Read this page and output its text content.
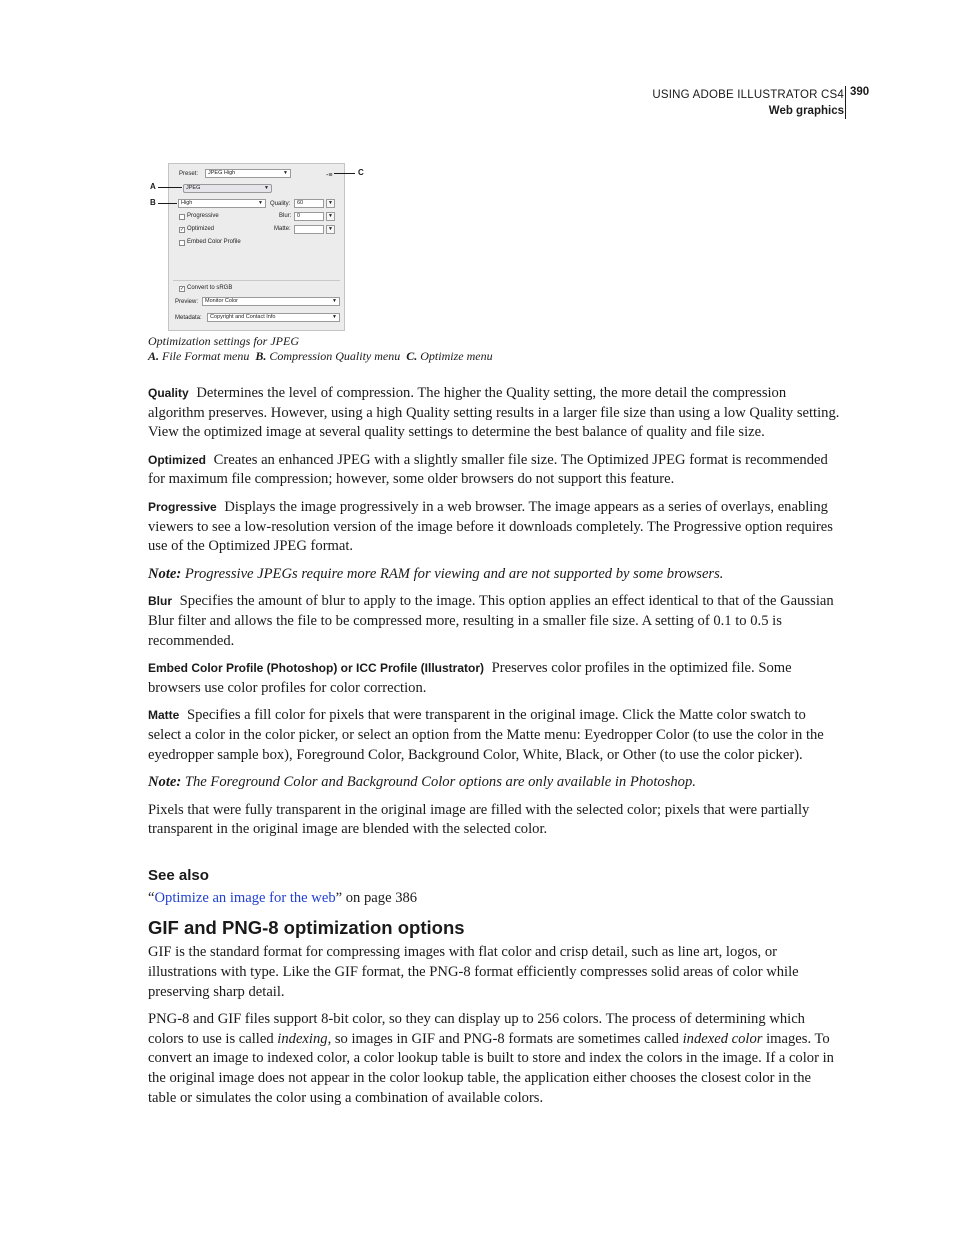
USING ADOBE ILLUSTRATOR CS4
Web graphics
390
Preset:	JPEG High	▼	-≡
JPEG	▼
High	▼ Quality:	60	▼
Progressive	Blur:	0	▼
✓ Optimized	Matte:	▼
Embed Color Profile
✓ Convert to sRGB
Preview:	Monitor Color	▼
Metadata:	Copyright and Contact Info	▼
A
B
C
Optimization settings for JPEG
A. File Format menu B. Compression Quality menu C. Optimize menu

Quality Determines the level of compression. The higher the Quality setting, the more detail the compression algorithm preserves. However, using a high Quality setting results in a larger file size than using a low Quality setting. View the optimized image at several quality settings to determine the best balance of quality and file size.

Optimized Creates an enhanced JPEG with a slightly smaller file size. The Optimized JPEG format is recommended for maximum file compression; however, some older browsers do not support this feature.

Progressive Displays the image progressively in a web browser. The image appears as a series of overlays, enabling viewers to see a low-resolution version of the image before it downloads completely. The Progressive option requires use of the Optimized JPEG format.

Note: Progressive JPEGs require more RAM for viewing and are not supported by some browsers.

Blur Specifies the amount of blur to apply to the image. This option applies an effect identical to that of the Gaussian Blur filter and allows the file to be compressed more, resulting in a smaller file size. A setting of 0.1 to 0.5 is recommended.

Embed Color Profile (Photoshop) or ICC Profile (Illustrator) Preserves color profiles in the optimized file. Some browsers use color profiles for color correction.

Matte Specifies a fill color for pixels that were transparent in the original image. Click the Matte color swatch to select a color in the color picker, or select an option from the Matte menu: Eyedropper Color (to use the color in the eyedropper sample box), Foreground Color, Background Color, White, Black, or Other (to use the color picker).

Note: The Foreground Color and Background Color options are only available in Photoshop.

Pixels that were fully transparent in the original image are filled with the selected color; pixels that were partially transparent in the original image are blended with the selected color.

See also

“Optimize an image for the web” on page 386

GIF and PNG-8 optimization options

GIF is the standard format for compressing images with flat color and crisp detail, such as line art, logos, or illustrations with type. Like the GIF format, the PNG-8 format efficiently compresses solid areas of color while preserving sharp detail.

PNG-8 and GIF files support 8-bit color, so they can display up to 256 colors. The process of determining which colors to use is called indexing, so images in GIF and PNG-8 formats are sometimes called indexed color images. To convert an image to indexed color, a color lookup table is built to store and index the colors in the image. If a color in the original image does not appear in the color lookup table, the application either chooses the closest color in the table or simulates the color using a combination of available colors.
